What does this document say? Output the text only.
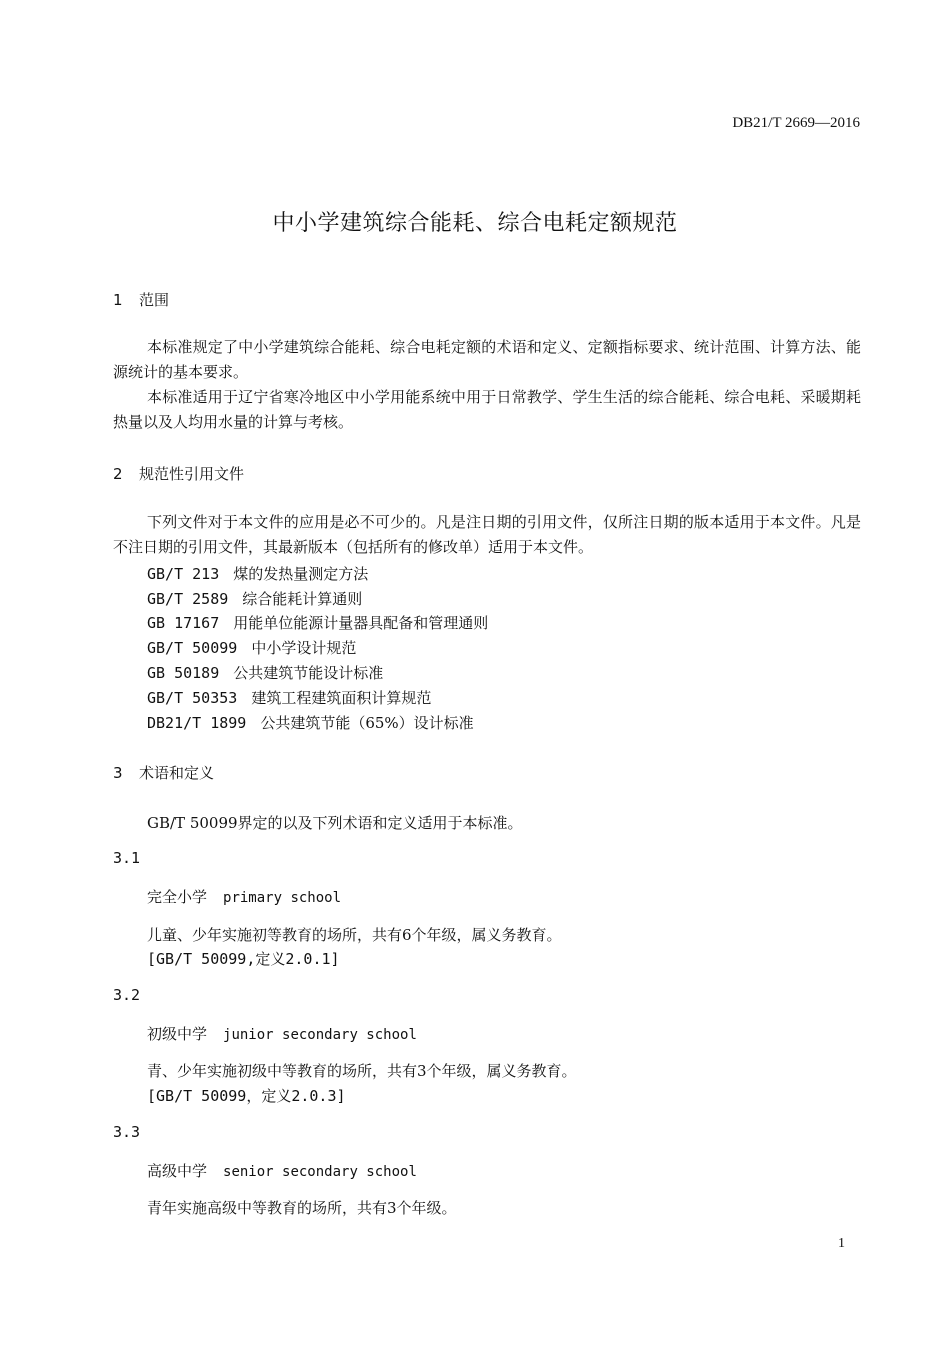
DB21/T 2669—2016
中小学建筑综合能耗、综合电耗定额规范
1 范围

本标准规定了中小学建筑综合能耗、综合电耗定额的术语和定义、定额指标要求、统计范围、计算方法、能源统计的基本要求。

本标准适用于辽宁省寒冷地区中小学用能系统中用于日常教学、学生生活的综合能耗、综合电耗、采暖期耗热量以及人均用水量的计算与考核。

2 规范性引用文件

下列文件对于本文件的应用是必不可少的。凡是注日期的引用文件，仅所注日期的版本适用于本文件。凡是不注日期的引用文件，其最新版本（包括所有的修改单）适用于本文件。

GB/T 213 煤的发热量测定方法
GB/T 2589 综合能耗计算通则
GB 17167 用能单位能源计量器具配备和管理通则
GB/T 50099 中小学设计规范
GB 50189 公共建筑节能设计标准
GB/T 50353 建筑工程建筑面积计算规范
DB21/T 1899 公共建筑节能（65%）设计标准
3 术语和定义
GB/T 50099界定的以及下列术语和定义适用于本标准。
3.1
完全小学 primary school
儿童、少年实施初等教育的场所，共有6个年级，属义务教育。
[GB/T 50099,定义2.0.1]
3.2
初级中学 junior secondary school
青、少年实施初级中等教育的场所，共有3个年级，属义务教育。
[GB/T 50099，定义2.0.3]
3.3
高级中学 senior secondary school
青年实施高级中等教育的场所，共有3个年级。
1
